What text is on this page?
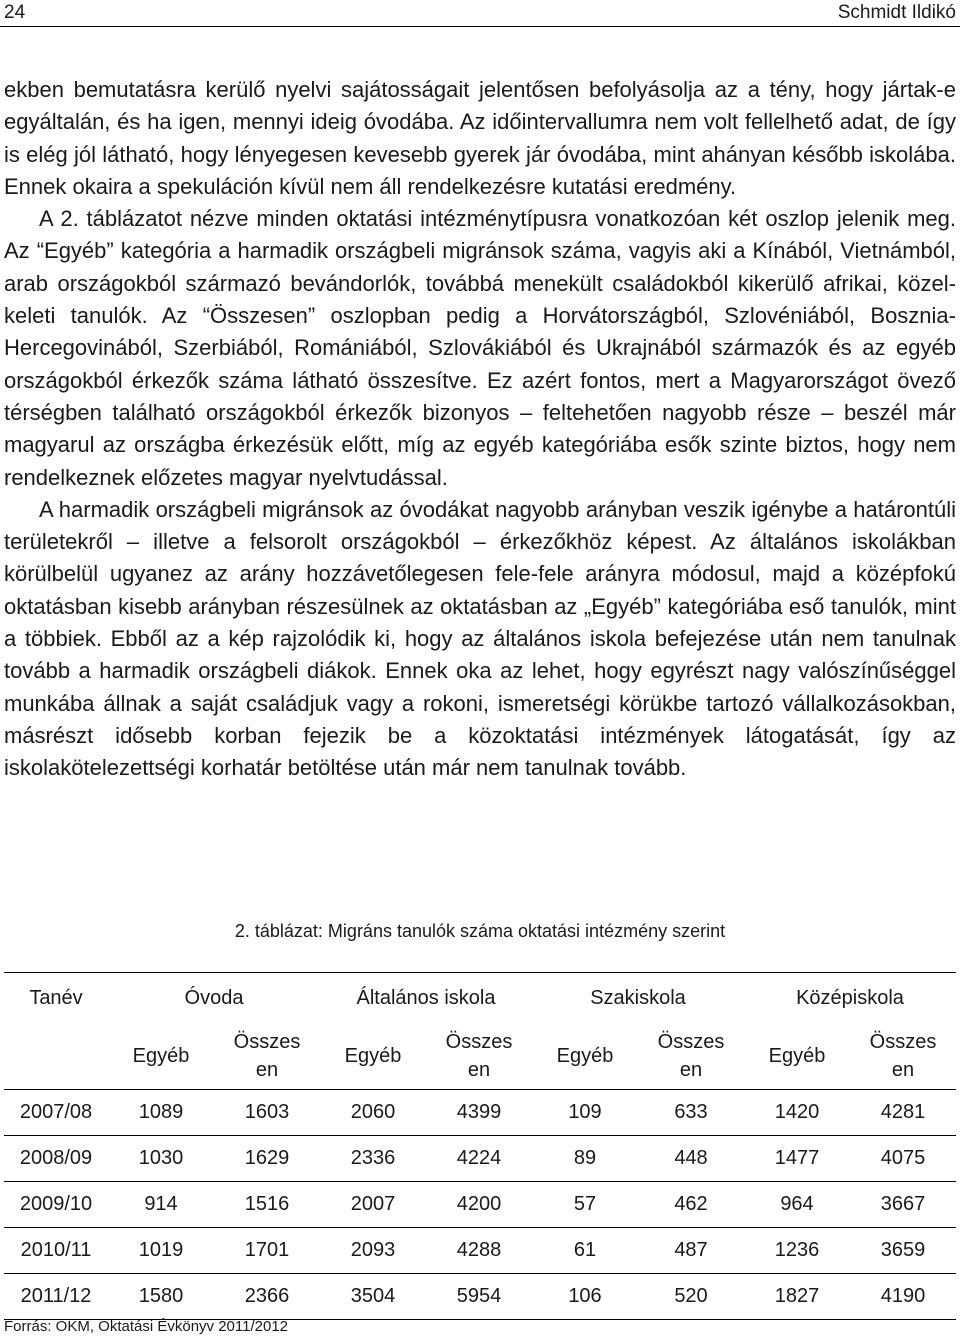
24	Schmidt Ildikó

ekben bemutatásra kerülő nyelvi sajátosságait jelentősen befolyásolja az a tény, hogy jártak-e egyáltalán, és ha igen, mennyi ideig óvodába. Az időintervallumra nem volt fellelhető adat, de így is elég jól látható, hogy lényegesen kevesebb gyerek jár óvodába, mint ahányan később iskolába. Ennek okaira a spekuláción kívül nem áll rendelkezésre kutatási eredmény.

A 2. táblázatot nézve minden oktatási intézménytípusra vonatkozóan két oszlop jelenik meg. Az “Egyéb” kategória a harmadik országbeli migránsok száma, vagyis aki a Kínából, Vietnámból, arab országokból származó bevándorlók, továbbá menekült családokból kikerülő afrikai, közel-keleti tanulók. Az “Összesen” oszlopban pedig a Horvátországból, Szlovéniából, Bosznia-Hercegovinából, Szerbiából, Romániából, Szlovákiából és Ukrajnából származók és az egyéb országokból érkezők száma látható összesítve. Ez azért fontos, mert a Magyarországot övező térségben található országokból érkezők bizonyos – feltehetően nagyobb része – beszél már magyarul az országba érkezésük előtt, míg az egyéb kategóriába esők szinte biztos, hogy nem rendelkeznek előzetes magyar nyelvtudással.

A harmadik országbeli migránsok az óvodákat nagyobb arányban veszik igénybe a határontúli területekről – illetve a felsorolt országokból – érkezőkhöz képest. Az általános iskolákban körülbelül ugyanez az arány hozzávetőlegesen fele-fele arányra módosul, majd a középfokú oktatásban kisebb arányban részesülnek az oktatásban az „Egyéb” kategóriába eső tanulók, mint a többiek. Ebből az a kép rajzolódik ki, hogy az általános iskola befejezése után nem tanulnak tovább a harmadik országbeli diákok. Ennek oka az lehet, hogy egyrészt nagy valószínűséggel munkába állnak a saját családjuk vagy a rokoni, ismeretségi körükbe tartozó vállalkozásokban, másrészt idősebb korban fejezik be a közoktatási intézmények látogatását, így az iskolakötelezettségi korhatár betöltése után már nem tanulnak tovább.

2. táblázat: Migráns tanulók száma oktatási intézmény szerint
Tanév	Óvoda		Általános iskola		Szakiskola		Középiskola	
	Egyéb	Összesen	Egyéb	Összesen	Egyéb	Összesen	Egyéb	Összesen
2007/08	1089	1603	2060	4399	109	633	1420	4281
2008/09	1030	1629	2336	4224	89	448	1477	4075
2009/10	914	1516	2007	4200	57	462	964	3667
2010/11	1019	1701	2093	4288	61	487	1236	3659
2011/12	1580	2366	3504	5954	106	520	1827	4190
Forrás: OKM, Oktatási Évkönyv 2011/2012
